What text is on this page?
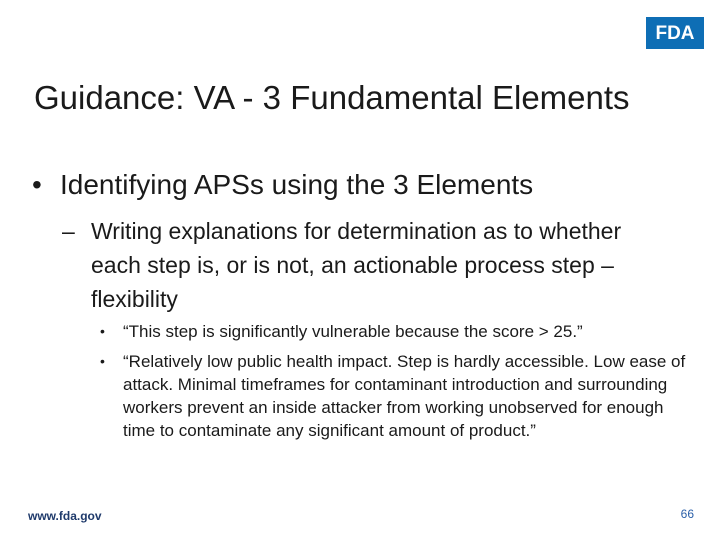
FDA
Guidance: VA - 3 Fundamental Elements
• Identifying APSs using the 3 Elements
– Writing explanations for determination as to whether each step is, or is not, an actionable process step – flexibility
• “This step is significantly vulnerable because the score > 25.”
• “Relatively low public health impact. Step is hardly accessible. Low ease of attack. Minimal timeframes for contaminant introduction and surrounding workers prevent an inside attacker from working unobserved for enough time to contaminate any significant amount of product.”
www.fda.gov	66
